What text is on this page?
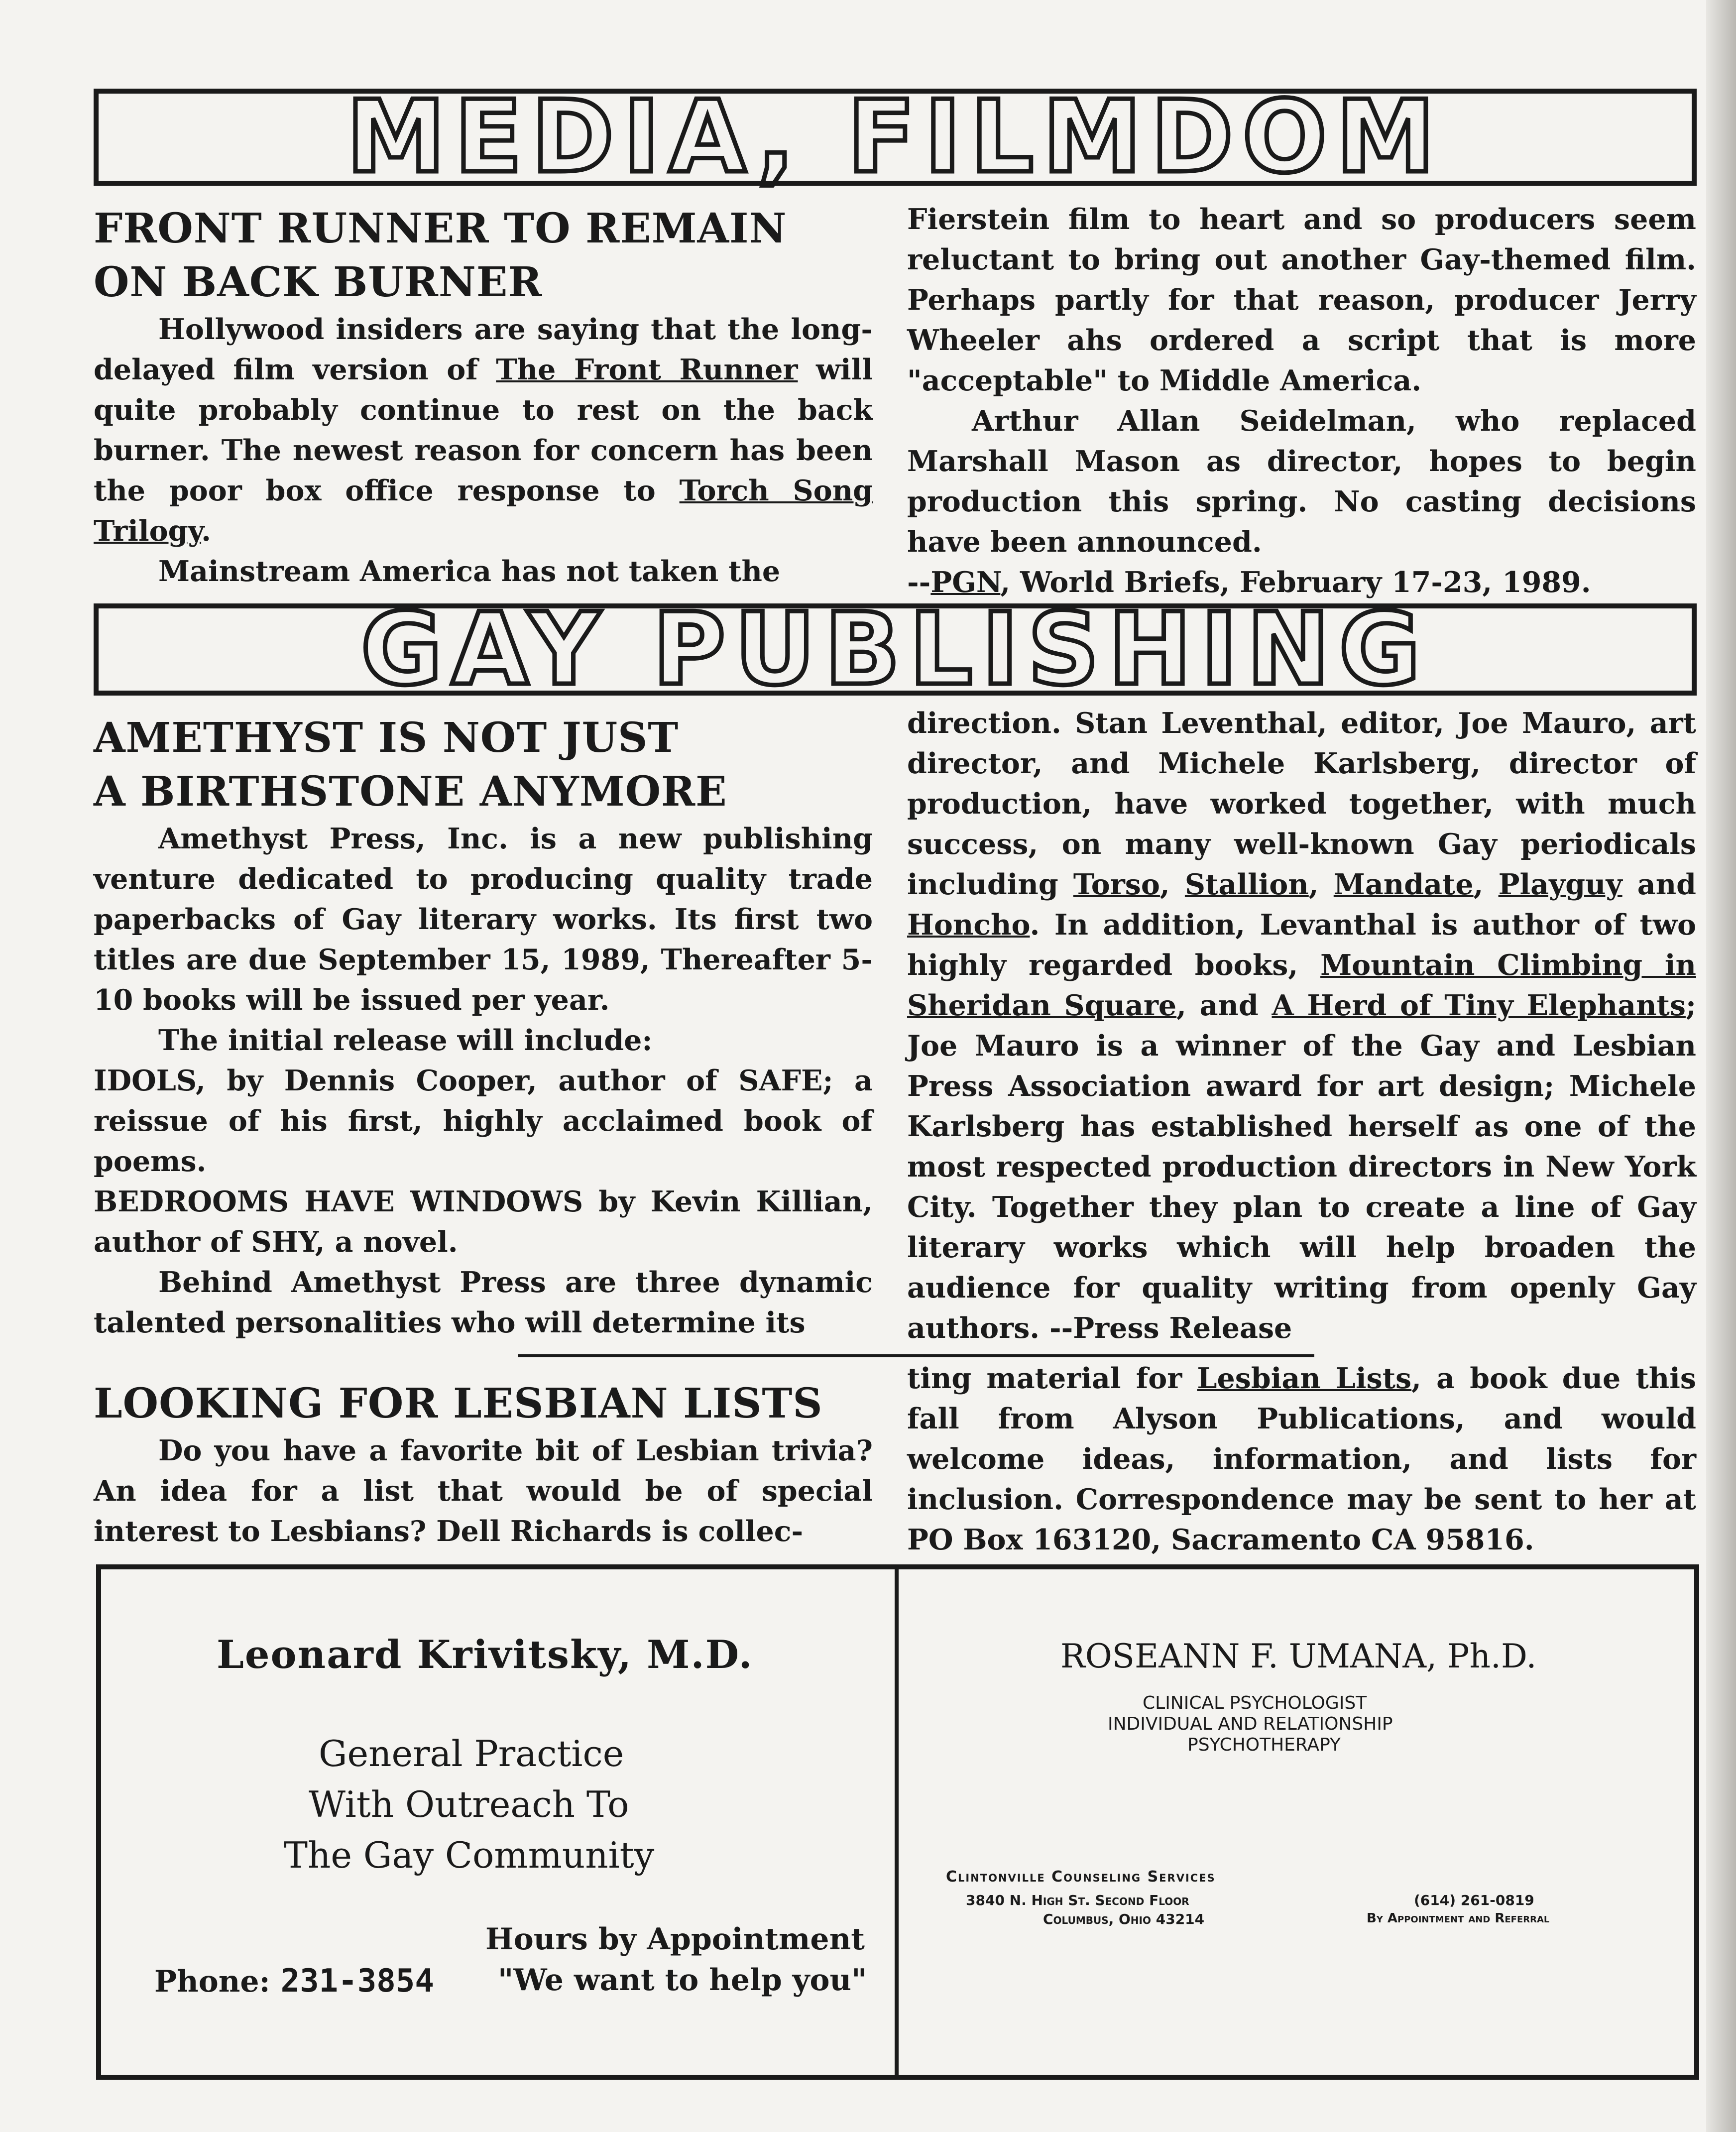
MEDIA, FILMDOM
FRONT RUNNER TO REMAIN
ON BACK BURNER

Hollywood insiders are saying that the long-delayed film version of The Front Runner will quite probably continue to rest on the back burner. The newest reason for concern has been the poor box office response to Torch Song Trilogy.

Mainstream America has not taken the

Fierstein film to heart and so producers seem reluctant to bring out another Gay-themed film. Perhaps partly for that reason, producer Jerry Wheeler ahs ordered a script that is more "acceptable" to Middle America.

Arthur Allan Seidelman, who replaced Marshall Mason as director, hopes to begin production this spring. No casting decisions have been announced.

--PGN, World Briefs, February 17-23, 1989.

GAY PUBLISHING
AMETHYST IS NOT JUST
A BIRTHSTONE ANYMORE

Amethyst Press, Inc. is a new publishing venture dedicated to producing quality trade paperbacks of Gay literary works. Its first two titles are due September 15, 1989, Thereafter 5-10 books will be issued per year.

The initial release will include:

IDOLS, by Dennis Cooper, author of SAFE; a reissue of his first, highly acclaimed book of poems.

BEDROOMS HAVE WINDOWS by Kevin Killian, author of SHY, a novel.

Behind Amethyst Press are three dynamic talented personalities who will determine its

direction. Stan Leventhal, editor, Joe Mauro, art director, and Michele Karlsberg, director of production, have worked together, with much success, on many well-known Gay periodicals including Torso, Stallion, Mandate, Playguy and Honcho. In addition, Levanthal is author of two highly regarded books, Mountain Climbing in Sheridan Square, and A Herd of Tiny Elephants; Joe Mauro is a winner of the Gay and Lesbian Press Association award for art design; Michele Karlsberg has established herself as one of the most respected production directors in New York City. Together they plan to create a line of Gay literary works which will help broaden the audience for quality writing from openly Gay authors. --Press Release

LOOKING FOR LESBIAN LISTS

Do you have a favorite bit of Lesbian trivia? An idea for a list that would be of special interest to Lesbians? Dell Richards is collec-

ting material for Lesbian Lists, a book due this fall from Alyson Publications, and would welcome ideas, information, and lists for inclusion. Correspondence may be sent to her at PO Box 163120, Sacramento CA 95816.

Leonard Krivitsky, M.D.
General Practice
With Outreach To
The Gay Community
Hours by Appointment
Phone: 231-3854 "We want to help you"
ROSEANN F. UMANA, Ph.D.
CLINICAL PSYCHOLOGIST
INDIVIDUAL AND RELATIONSHIP
PSYCHOTHERAPY
Clintonville Counseling Services
3840 N. High St. Second Floor
Columbus, Ohio 43214
(614) 261-0819
By Appointment and Referral
